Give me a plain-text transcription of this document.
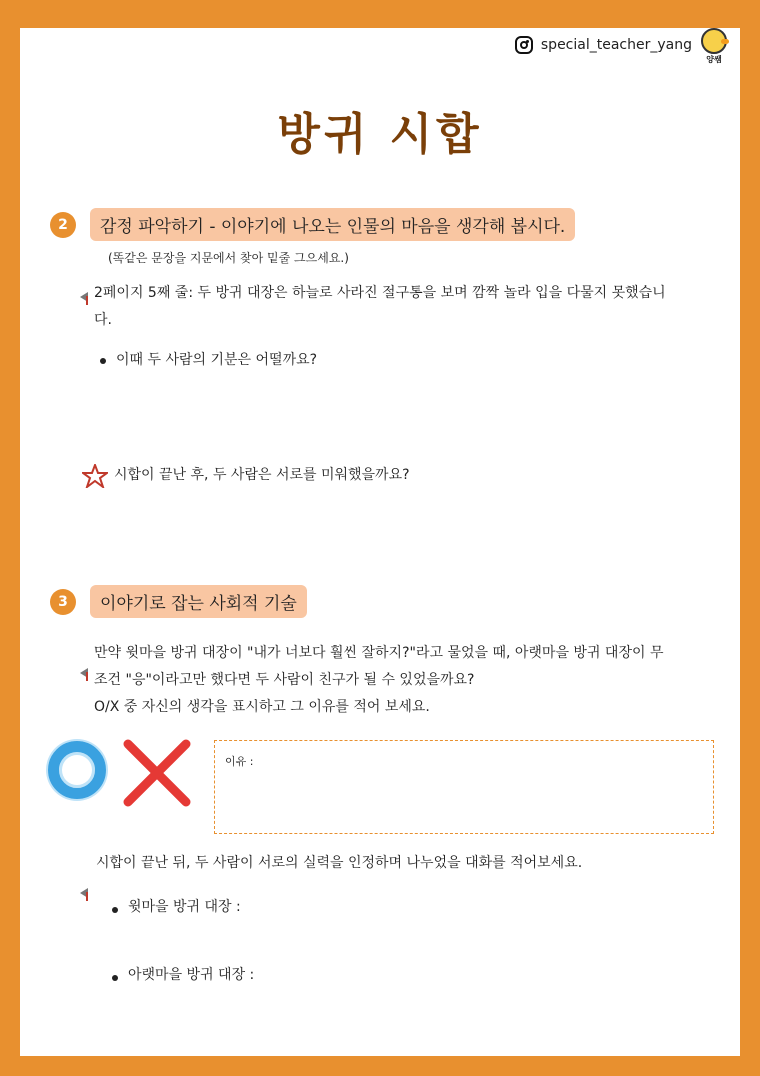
special_teacher_yang
양쌤
방귀 시합
2	감정 파악하기 - 이야기에 나오는 인물의 마음을 생각해 봅시다.
(똑같은 문장을 지문에서 찾아 밑줄 그으세요.)
2페이지 5째 줄: 두 방귀 대장은 하늘로 사라진 절구통을 보며 깜짝 놀라 입을 다물지 못했습니
다.
이때 두 사람의 기분은 어떨까요?
시합이 끝난 후, 두 사람은 서로를 미워했을까요?
3	이야기로 잡는 사회적 기술
만약 윗마을 방귀 대장이 "내가 너보다 훨씬 잘하지?"라고 물었을 때, 아랫마을 방귀 대장이 무
조건 "응"이라고만 했다면 두 사람이 친구가 될 수 있었을까요?
O/X 중 자신의 생각을 표시하고 그 이유를 적어 보세요.
이유 :
시합이 끝난 뒤, 두 사람이 서로의 실력을 인정하며 나누었을 대화를 적어보세요.
윗마을 방귀 대장 :
아랫마을 방귀 대장 :
